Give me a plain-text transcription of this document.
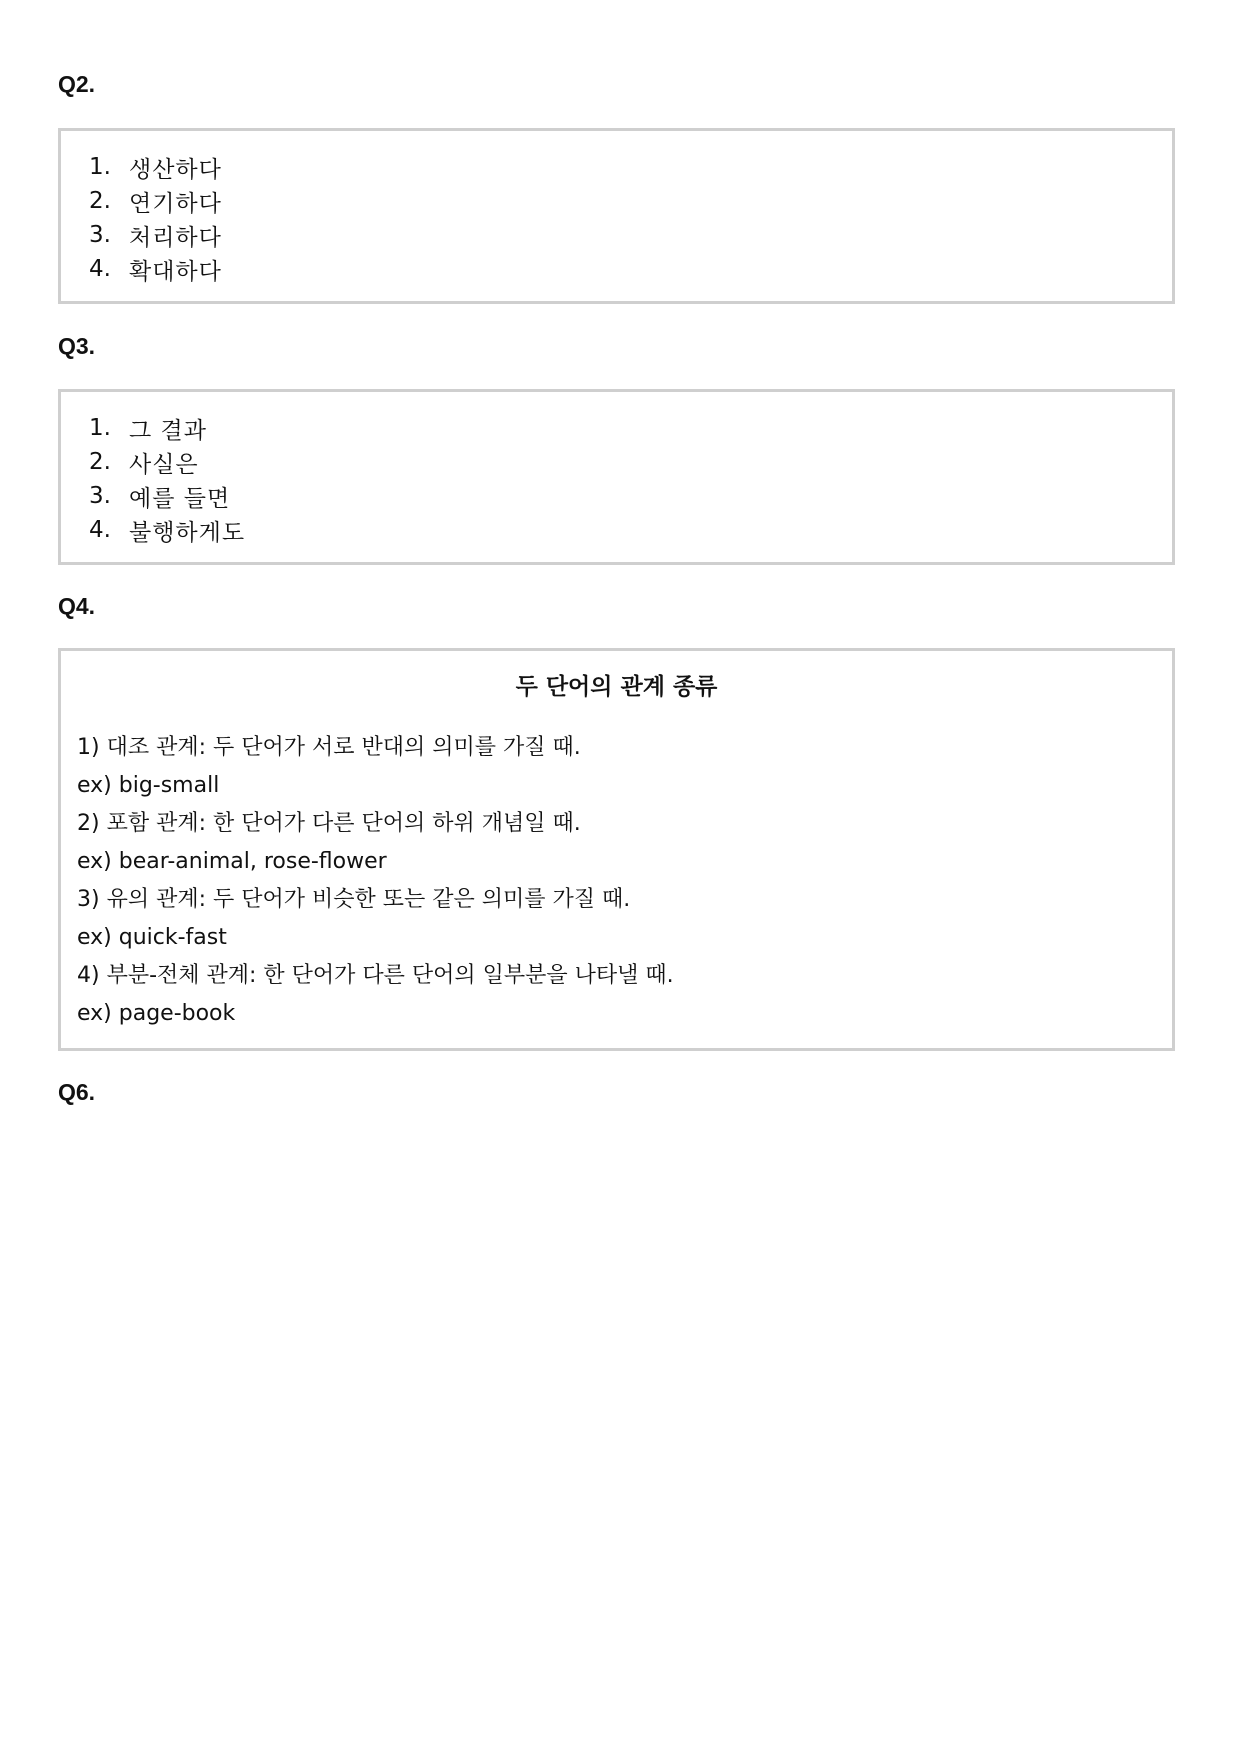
Q2.
1. 생산하다
2. 연기하다
3. 처리하다
4. 확대하다
Q3.
1. 그 결과
2. 사실은
3. 예를 들면
4. 불행하게도
Q4.
두 단어의 관계 종류
1) 대조 관계: 두 단어가 서로 반대의 의미를 가질 때.
ex) big-small
2) 포함 관계: 한 단어가 다른 단어의 하위 개념일 때.
ex) bear-animal, rose-flower
3) 유의 관계: 두 단어가 비슷한 또는 같은 의미를 가질 때.
ex) quick-fast
4) 부분-전체 관계: 한 단어가 다른 단어의 일부분을 나타낼 때.
ex) page-book
Q6.
